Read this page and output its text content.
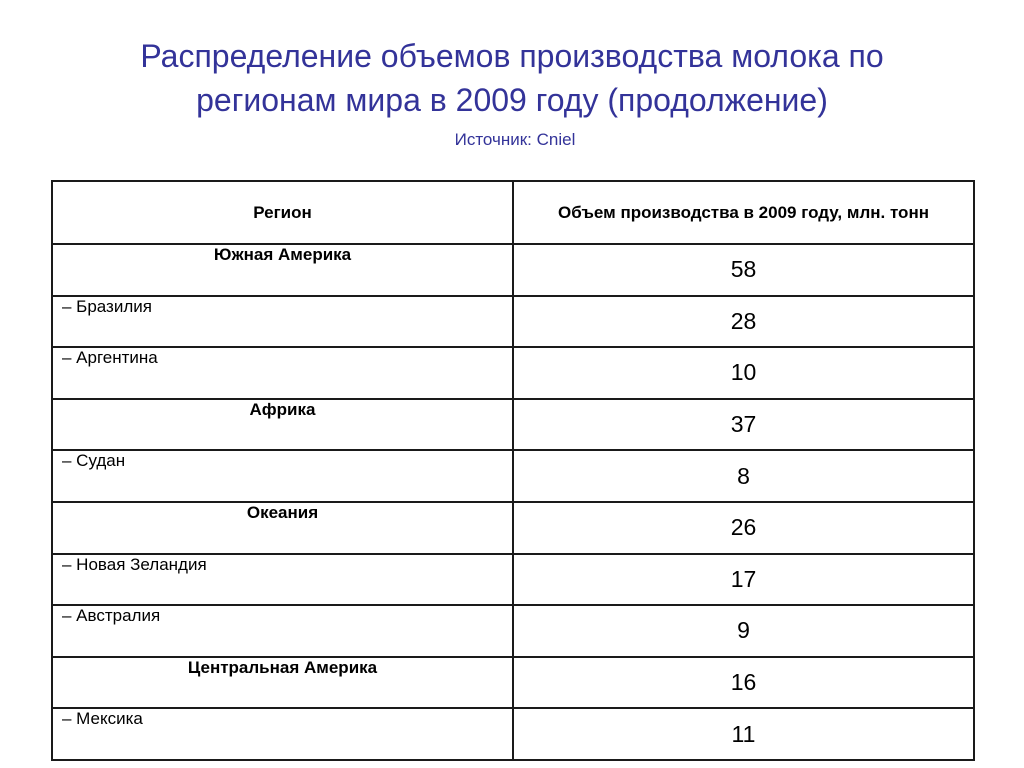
Распределение объемов производства молока по
регионам мира в 2009 году (продолжение)
Источник: Cniel
Регион	Объем производства в 2009 году, млн. тонн
Южная Америка	58
– Бразилия	28
– Аргентина	10
Африка	37
– Судан	8
Океания	26
– Новая Зеландия	17
– Австралия	9
Центральная Америка	16
– Мексика	11
